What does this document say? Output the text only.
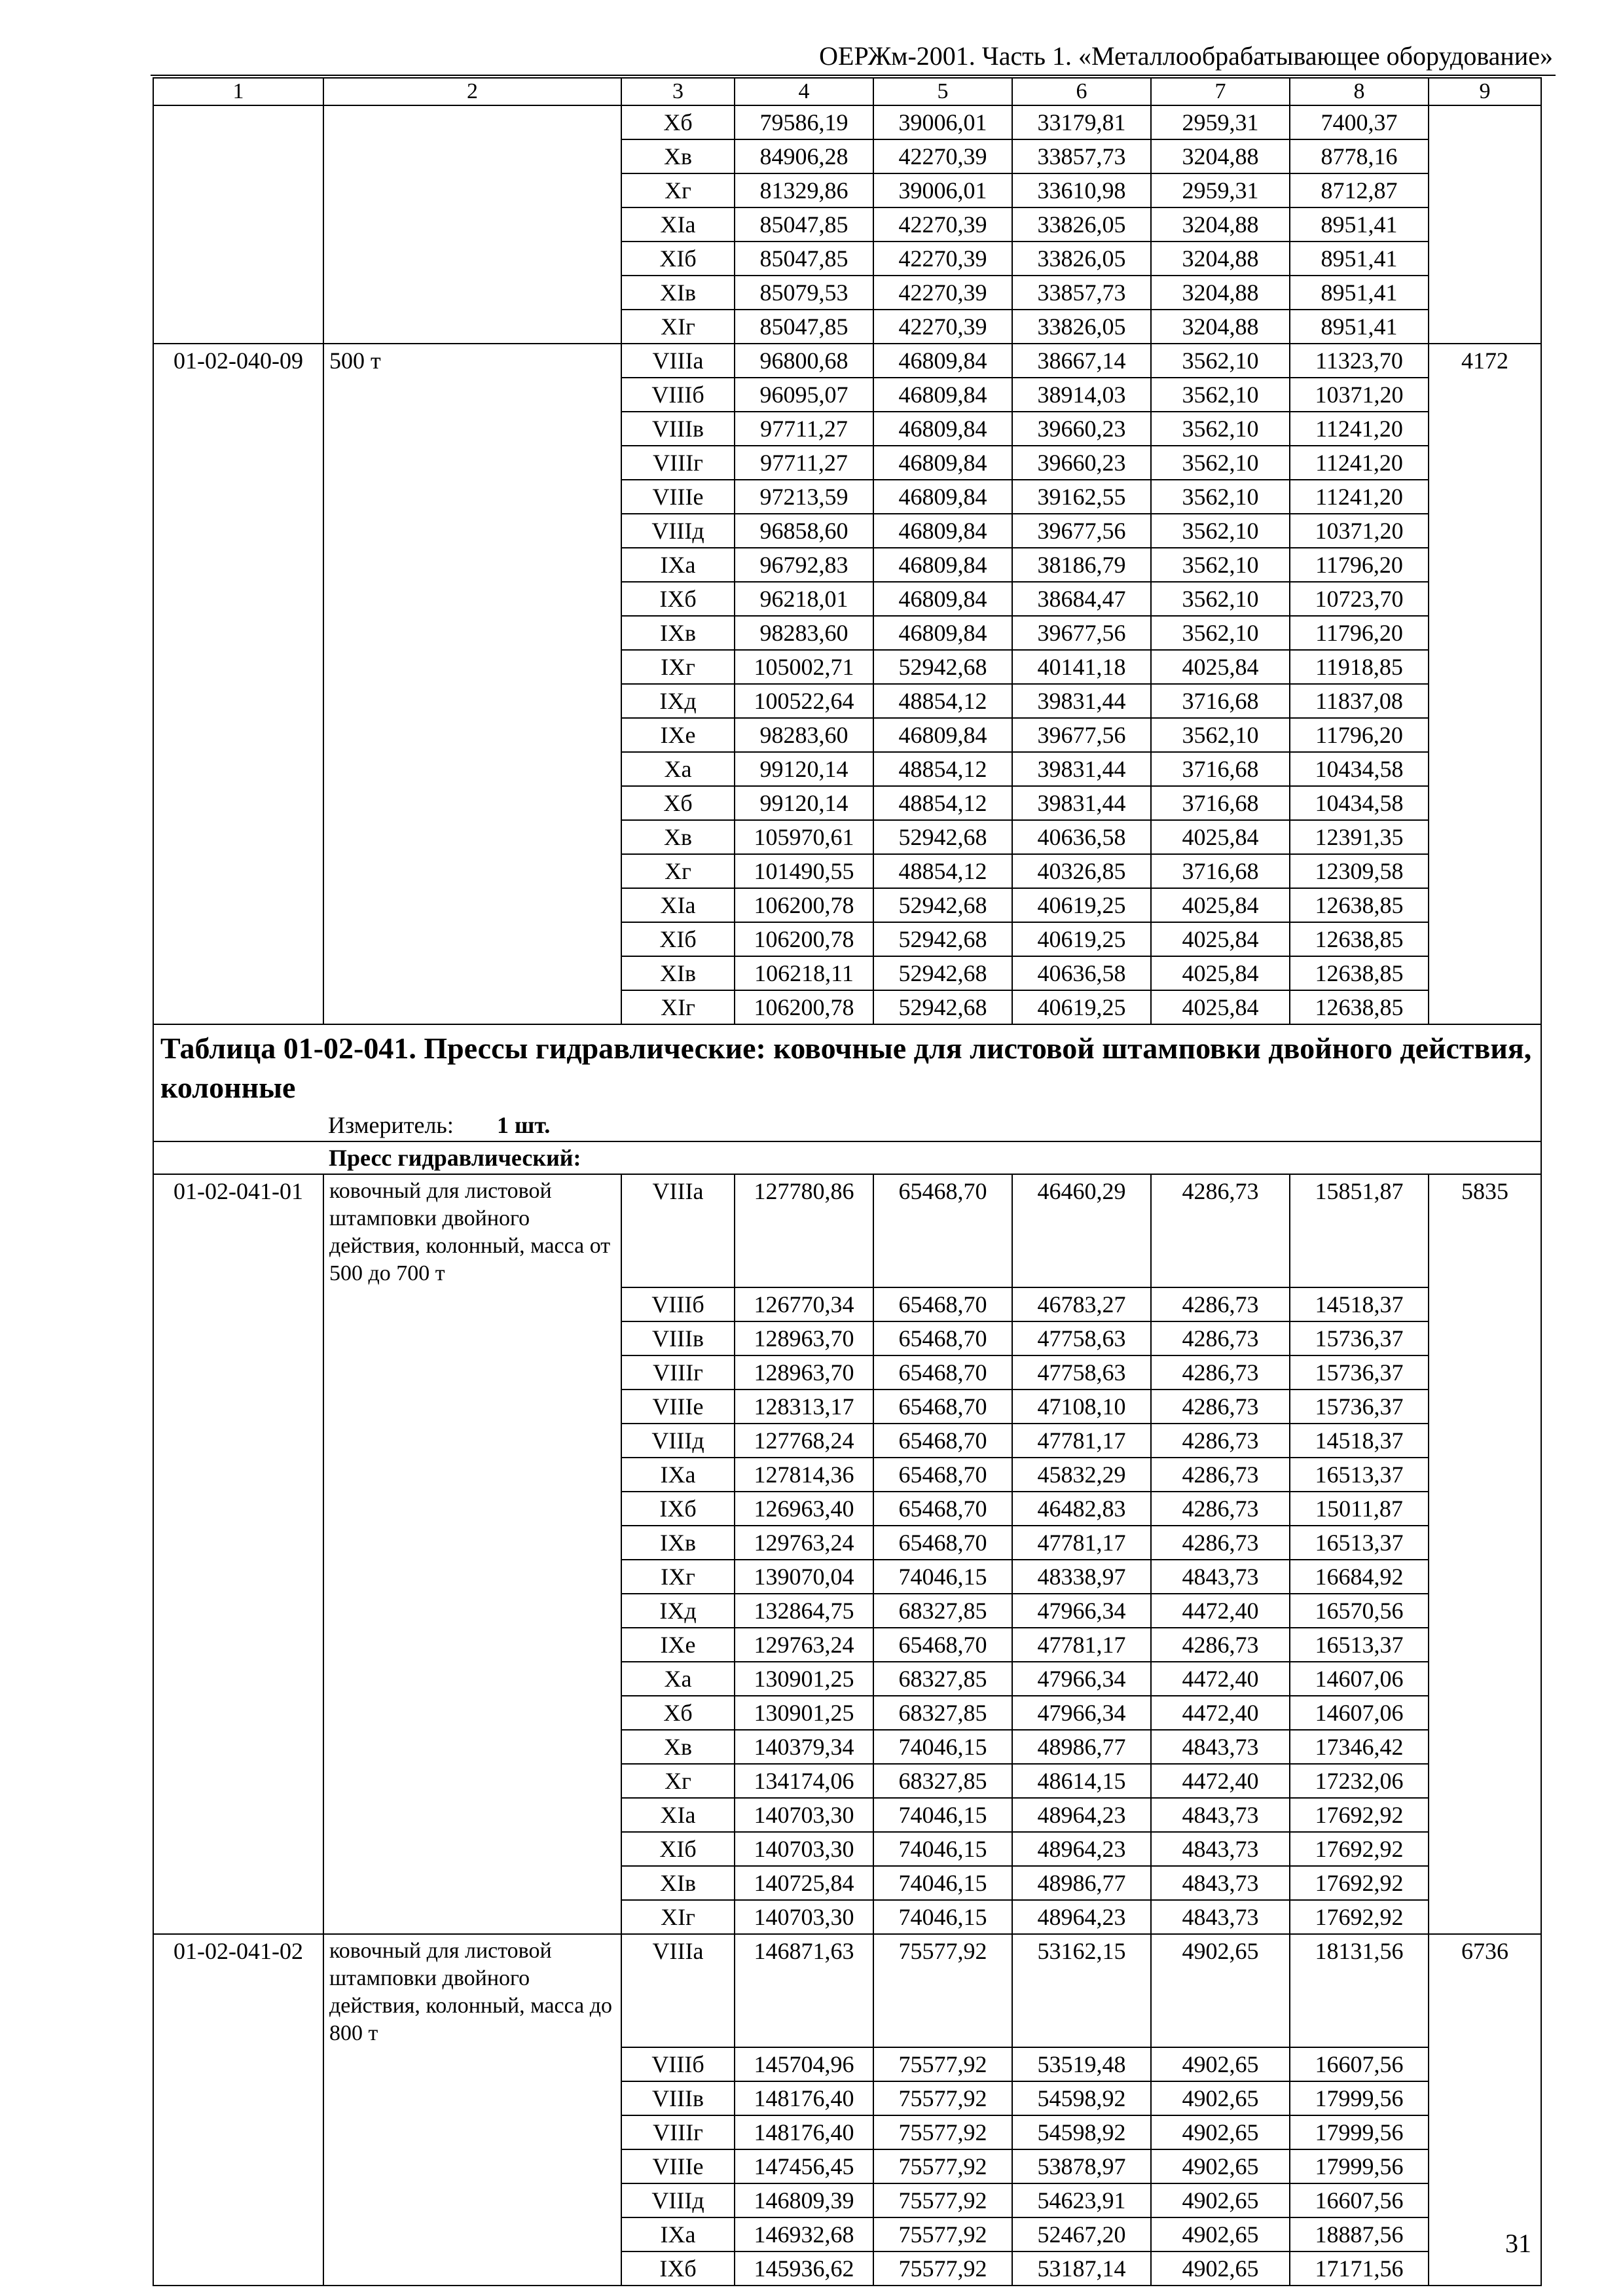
ОЕРЖм-2001. Часть 1. «Металлообрабатывающее оборудование»
1	2	3	4	5	6	7	8	9
		Xб	79586,19	39006,01	33179,81	2959,31	7400,37	
		Xв	84906,28	42270,39	33857,73	3204,88	8778,16	
		Xг	81329,86	39006,01	33610,98	2959,31	8712,87	
		XIа	85047,85	42270,39	33826,05	3204,88	8951,41	
		XIб	85047,85	42270,39	33826,05	3204,88	8951,41	
		XIв	85079,53	42270,39	33857,73	3204,88	8951,41	
		XIг	85047,85	42270,39	33826,05	3204,88	8951,41	
01-02-040-09	500 т	VIIIа	96800,68	46809,84	38667,14	3562,10	11323,70	4172
		VIIIб	96095,07	46809,84	38914,03	3562,10	10371,20	
		VIIIв	97711,27	46809,84	39660,23	3562,10	11241,20	
		VIIIг	97711,27	46809,84	39660,23	3562,10	11241,20	
		VIIIе	97213,59	46809,84	39162,55	3562,10	11241,20	
		VIIIд	96858,60	46809,84	39677,56	3562,10	10371,20	
		IXа	96792,83	46809,84	38186,79	3562,10	11796,20	
		IXб	96218,01	46809,84	38684,47	3562,10	10723,70	
		IXв	98283,60	46809,84	39677,56	3562,10	11796,20	
		IXг	105002,71	52942,68	40141,18	4025,84	11918,85	
		IXд	100522,64	48854,12	39831,44	3716,68	11837,08	
		IXе	98283,60	46809,84	39677,56	3562,10	11796,20	
		Xа	99120,14	48854,12	39831,44	3716,68	10434,58	
		Xб	99120,14	48854,12	39831,44	3716,68	10434,58	
		Xв	105970,61	52942,68	40636,58	4025,84	12391,35	
		Xг	101490,55	48854,12	40326,85	3716,68	12309,58	
		XIа	106200,78	52942,68	40619,25	4025,84	12638,85	
		XIб	106200,78	52942,68	40619,25	4025,84	12638,85	
		XIв	106218,11	52942,68	40636,58	4025,84	12638,85	
		XIг	106200,78	52942,68	40619,25	4025,84	12638,85	
Таблица 01-02-041. Прессы гидравлические: ковочные для листовой штамповки двойного действия, колонные								
Измеритель: 1 шт.								
	Пресс гидравлический:							
01-02-041-01	ковочный для листовой штамповки двойного действия, колонный, масса от 500 до 700 т	VIIIа	127780,86	65468,70	46460,29	4286,73	15851,87	5835
		VIIIб	126770,34	65468,70	46783,27	4286,73	14518,37	
		VIIIв	128963,70	65468,70	47758,63	4286,73	15736,37	
		VIIIг	128963,70	65468,70	47758,63	4286,73	15736,37	
		VIIIе	128313,17	65468,70	47108,10	4286,73	15736,37	
		VIIIд	127768,24	65468,70	47781,17	4286,73	14518,37	
		IXа	127814,36	65468,70	45832,29	4286,73	16513,37	
		IXб	126963,40	65468,70	46482,83	4286,73	15011,87	
		IXв	129763,24	65468,70	47781,17	4286,73	16513,37	
		IXг	139070,04	74046,15	48338,97	4843,73	16684,92	
		IXд	132864,75	68327,85	47966,34	4472,40	16570,56	
		IXе	129763,24	65468,70	47781,17	4286,73	16513,37	
		Xа	130901,25	68327,85	47966,34	4472,40	14607,06	
		Xб	130901,25	68327,85	47966,34	4472,40	14607,06	
		Xв	140379,34	74046,15	48986,77	4843,73	17346,42	
		Xг	134174,06	68327,85	48614,15	4472,40	17232,06	
		XIа	140703,30	74046,15	48964,23	4843,73	17692,92	
		XIб	140703,30	74046,15	48964,23	4843,73	17692,92	
		XIв	140725,84	74046,15	48986,77	4843,73	17692,92	
		XIг	140703,30	74046,15	48964,23	4843,73	17692,92	
01-02-041-02	ковочный для листовой штамповки двойного действия, колонный, масса до 800 т	VIIIа	146871,63	75577,92	53162,15	4902,65	18131,56	6736
		VIIIб	145704,96	75577,92	53519,48	4902,65	16607,56	
		VIIIв	148176,40	75577,92	54598,92	4902,65	17999,56	
		VIIIг	148176,40	75577,92	54598,92	4902,65	17999,56	
		VIIIе	147456,45	75577,92	53878,97	4902,65	17999,56	
		VIIIд	146809,39	75577,92	54623,91	4902,65	16607,56	
		IXа	146932,68	75577,92	52467,20	4902,65	18887,56	
		IXб	145936,62	75577,92	53187,14	4902,65	17171,56	
31
